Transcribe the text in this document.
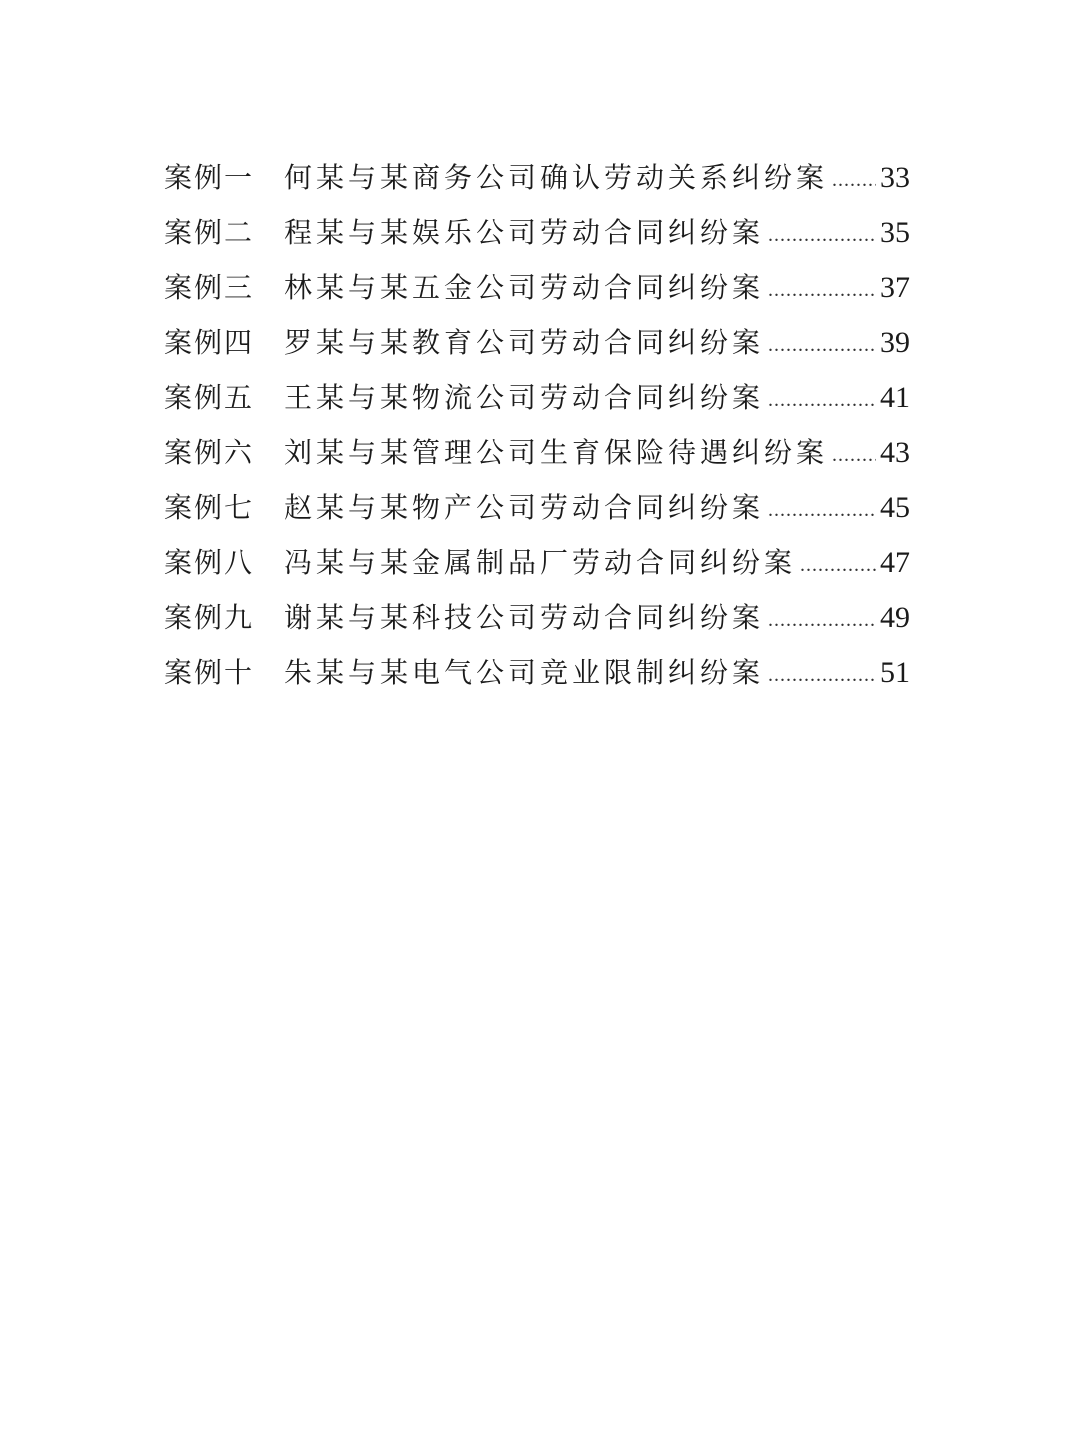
案例一	何某与某商务公司确认劳动关系纠纷案 ..... 33
案例二	程某与某娱乐公司劳动合同纠纷案 .....	35
案例三	林某与某五金公司劳动合同纠纷案 .....	37
案例四	罗某与某教育公司劳动合同纠纷案 .....	39
案例五	王某与某物流公司劳动合同纠纷案 .....	41
案例六	刘某与某管理公司生育保险待遇纠纷案 ..... 43
案例七	赵某与某物产公司劳动合同纠纷案 .....	45
案例八	冯某与某金属制品厂劳动合同纠纷案 .....	47
案例九	谢某与某科技公司劳动合同纠纷案 .....	49
案例十	朱某与某电气公司竞业限制纠纷案 .....	51
